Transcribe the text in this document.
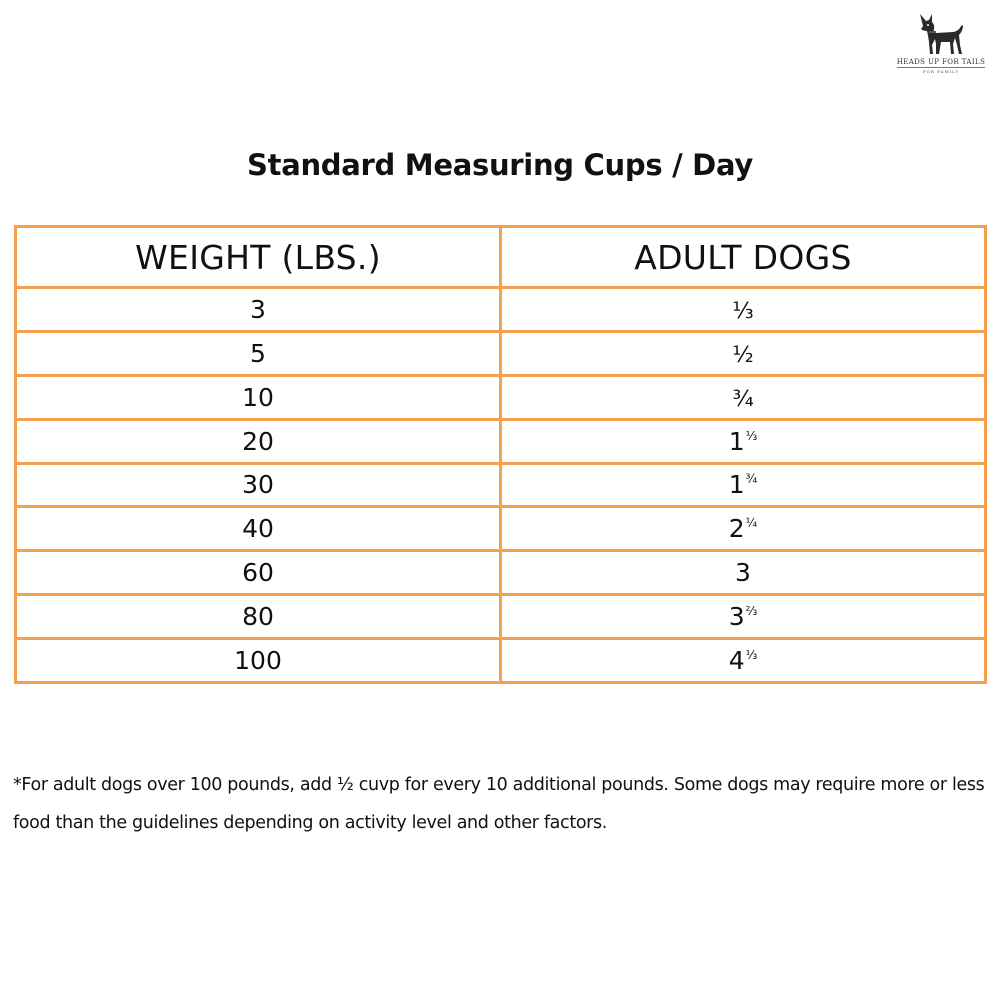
HEADS UP FOR TAILS
FOR FAMILY
Standard Measuring Cups / Day
WEIGHT (LBS.)	ADULT DOGS
3	⅓
5	½
10	¾
20	$1^{\frac{1}{3}}$
30	$1^{\frac{3}{4}}$
40	$2^{\frac{1}{4}}$
60	3
80	$3^{\frac{2}{3}}$
100	$4^{\frac{1}{3}}$
*For adult dogs over 100 pounds, add ½ cuvp for every 10 additional pounds. Some dogs may require more or less food than the guidelines depending on activity level and other factors.
